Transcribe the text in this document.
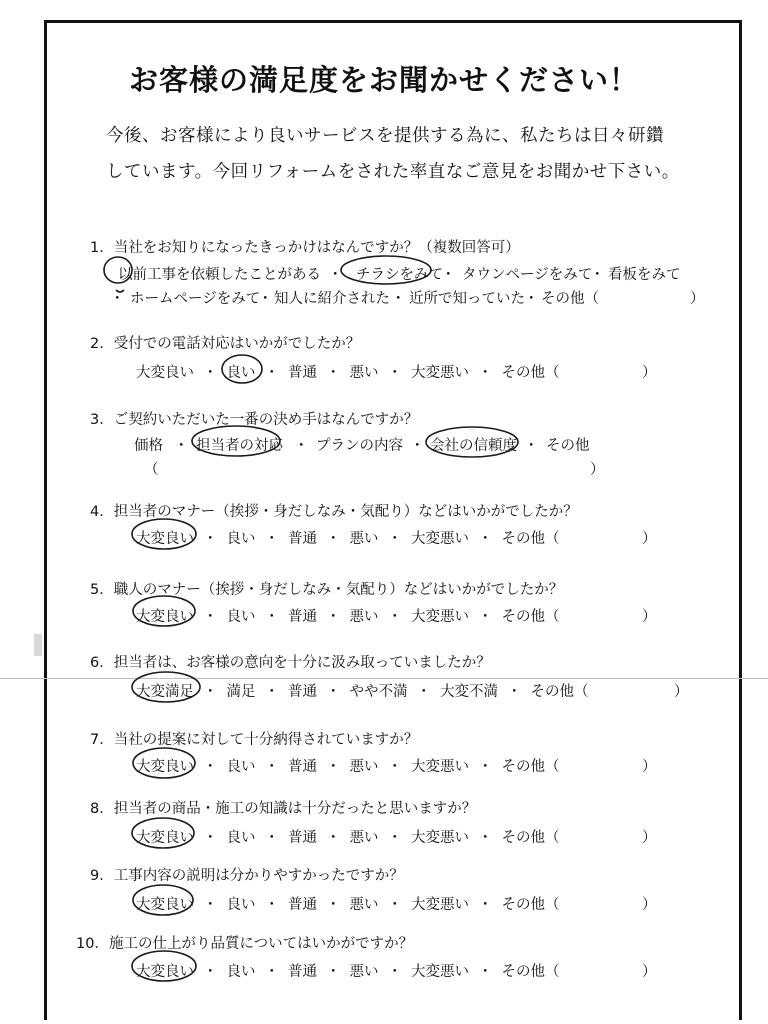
お客様の満足度をお聞かせください！
今後、お客様により良いサービスを提供する為に、私たちは日々研鑽
しています。今回リフォームをされた率直なご意見をお聞かせ下さい。
1．当社をお知りになったきっかけはなんですか？（複数回答可）
以前工事を依頼したことがある ・ チラシをみて
・ タウンページをみて
・ 看板をみて
・ ホームページをみて
・ 知人に紹介された ・ 近所で知っていた ・ その他（	）
2．受付での電話対応はいかがでしたか？
大変良い ・ 良い ・ 普通 ・ 悪い ・ 大変悪い ・ その他（	）
3．ご契約いただいた一番の決め手はなんですか？
価格 ・ 担当者の対応 ・ プランの内容 ・ 会社の信頼度 ・ その他
（	）
4．担当者のマナー（挨拶・身だしなみ・気配り）などはいかがでしたか？
大変良い ・ 良い ・ 普通 ・ 悪い ・ 大変悪い ・ その他（	）
5．職人のマナー（挨拶・身だしなみ・気配り）などはいかがでしたか？
大変良い ・ 良い ・ 普通 ・ 悪い ・ 大変悪い ・ その他（	）
6．担当者は、お客様の意向を十分に汲み取っていましたか？
大変満足 ・ 満足 ・ 普通 ・ やや不満 ・ 大変不満 ・ その他（	）
7．当社の提案に対して十分納得されていますか？
大変良い ・ 良い ・ 普通 ・ 悪い ・ 大変悪い ・ その他（	）
8．担当者の商品・施工の知識は十分だったと思いますか？
大変良い ・ 良い ・ 普通 ・ 悪い ・ 大変悪い ・ その他（	）
9．工事内容の説明は分かりやすかったですか？
大変良い ・ 良い ・ 普通 ・ 悪い ・ 大変悪い ・ その他（	）
10．施工の仕上がり品質についてはいかがですか？
大変良い ・ 良い ・ 普通 ・ 悪い ・ 大変悪い ・ その他（	）
